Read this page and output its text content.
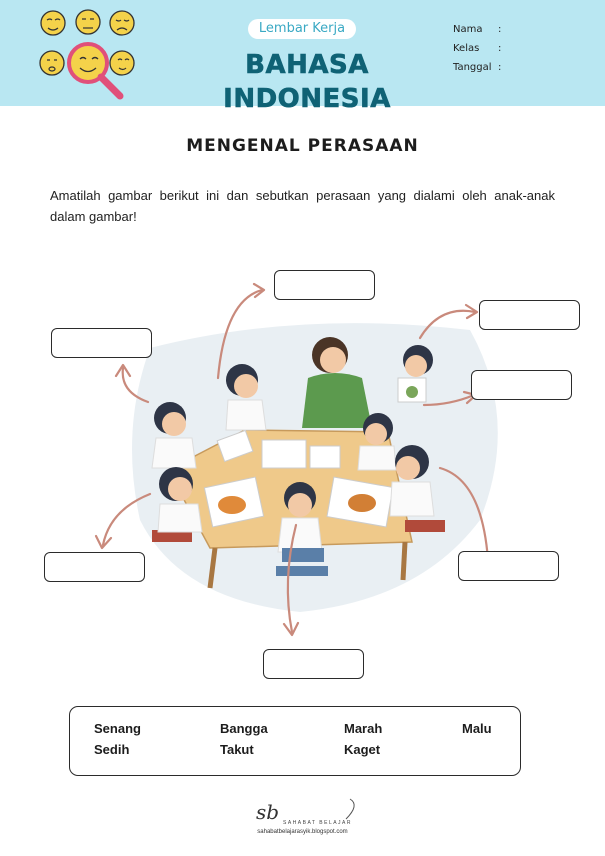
Lembar Kerja
BAHASA INDONESIA
Nama :
Kelas :
Tanggal :
MENGENAL PERASAAN
Amatilah gambar berikut ini dan sebutkan perasaan yang dialami oleh anak-anak dalam gambar!
Senang	Bangga	Marah	Malu
Sedih	Takut	Kaget
sb SAHABAT BELAJAR
sahabatbelajarasyik.blogspot.com
